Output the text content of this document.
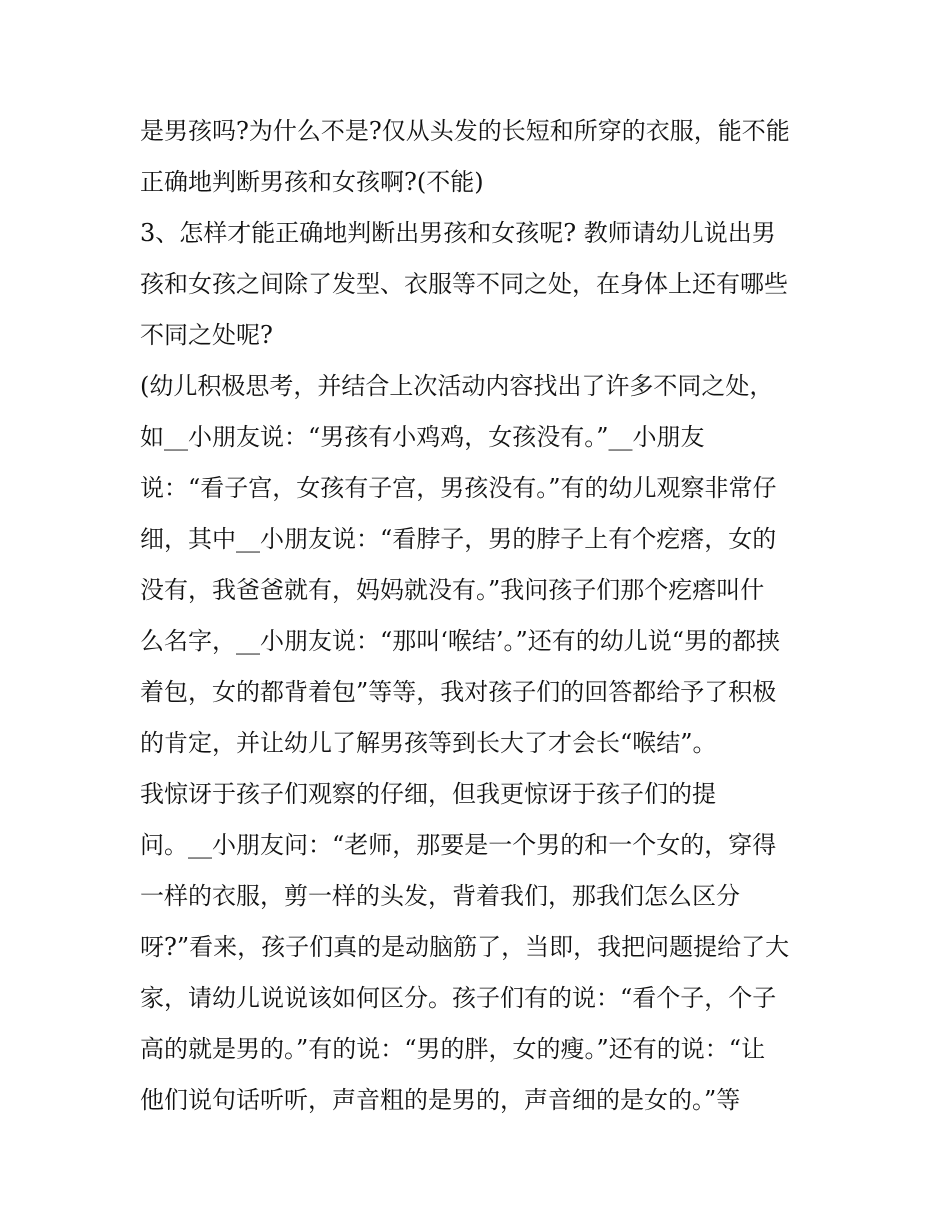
是男孩吗?为什么不是?仅从头发的长短和所穿的衣服，能不能

正确地判断男孩和女孩啊?(不能)

3、怎样才能正确地判断出男孩和女孩呢? 教师请幼儿说出男

孩和女孩之间除了发型、衣服等不同之处，在身体上还有哪些

不同之处呢?

(幼儿积极思考，并结合上次活动内容找出了许多不同之处，

如__小朋友说：“男孩有小鸡鸡，女孩没有。”__小朋友

说：“看子宫，女孩有子宫，男孩没有。”有的幼儿观察非常仔

细，其中__小朋友说：“看脖子，男的脖子上有个疙瘩，女的

没有，我爸爸就有，妈妈就没有。”我问孩子们那个疙瘩叫什

么名字，__小朋友说：“那叫‘喉结’。”还有的幼儿说“男的都挟

着包，女的都背着包”等等，我对孩子们的回答都给予了积极

的肯定，并让幼儿了解男孩等到长大了才会长“喉结”。

我惊讶于孩子们观察的仔细，但我更惊讶于孩子们的提

问。__小朋友问：“老师，那要是一个男的和一个女的，穿得

一样的衣服，剪一样的头发，背着我们，那我们怎么区分

呀?”看来，孩子们真的是动脑筋了，当即，我把问题提给了大

家，请幼儿说说该如何区分。孩子们有的说：“看个子，个子

高的就是男的。”有的说：“男的胖，女的瘦。”还有的说：“让

他们说句话听听，声音粗的是男的，声音细的是女的。”等
